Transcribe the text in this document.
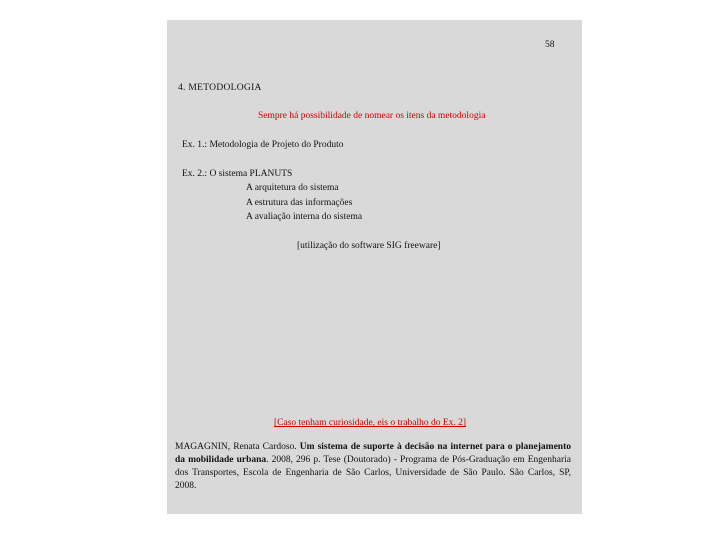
58
4. METODOLOGIA
Sempre há possibilidade de nomear os itens da metodologia
Ex. 1.: Metodologia de Projeto do Produto
Ex. 2.: O sistema PLANUTS
A arquitetura do sistema
A estrutura das informações
A avaliação interna do sistema
[utilização do software SIG freeware]
[Caso tenham curiosidade, eis o trabalho do Ex. 2]
MAGAGNIN, Renata Cardoso. Um sistema de suporte à decisão na internet para o planejamento da mobilidade urbana. 2008, 296 p. Tese (Doutorado) - Programa de Pós-Graduação em Engenharia dos Transportes, Escola de Engenharia de São Carlos, Universidade de São Paulo. São Carlos, SP, 2008.
